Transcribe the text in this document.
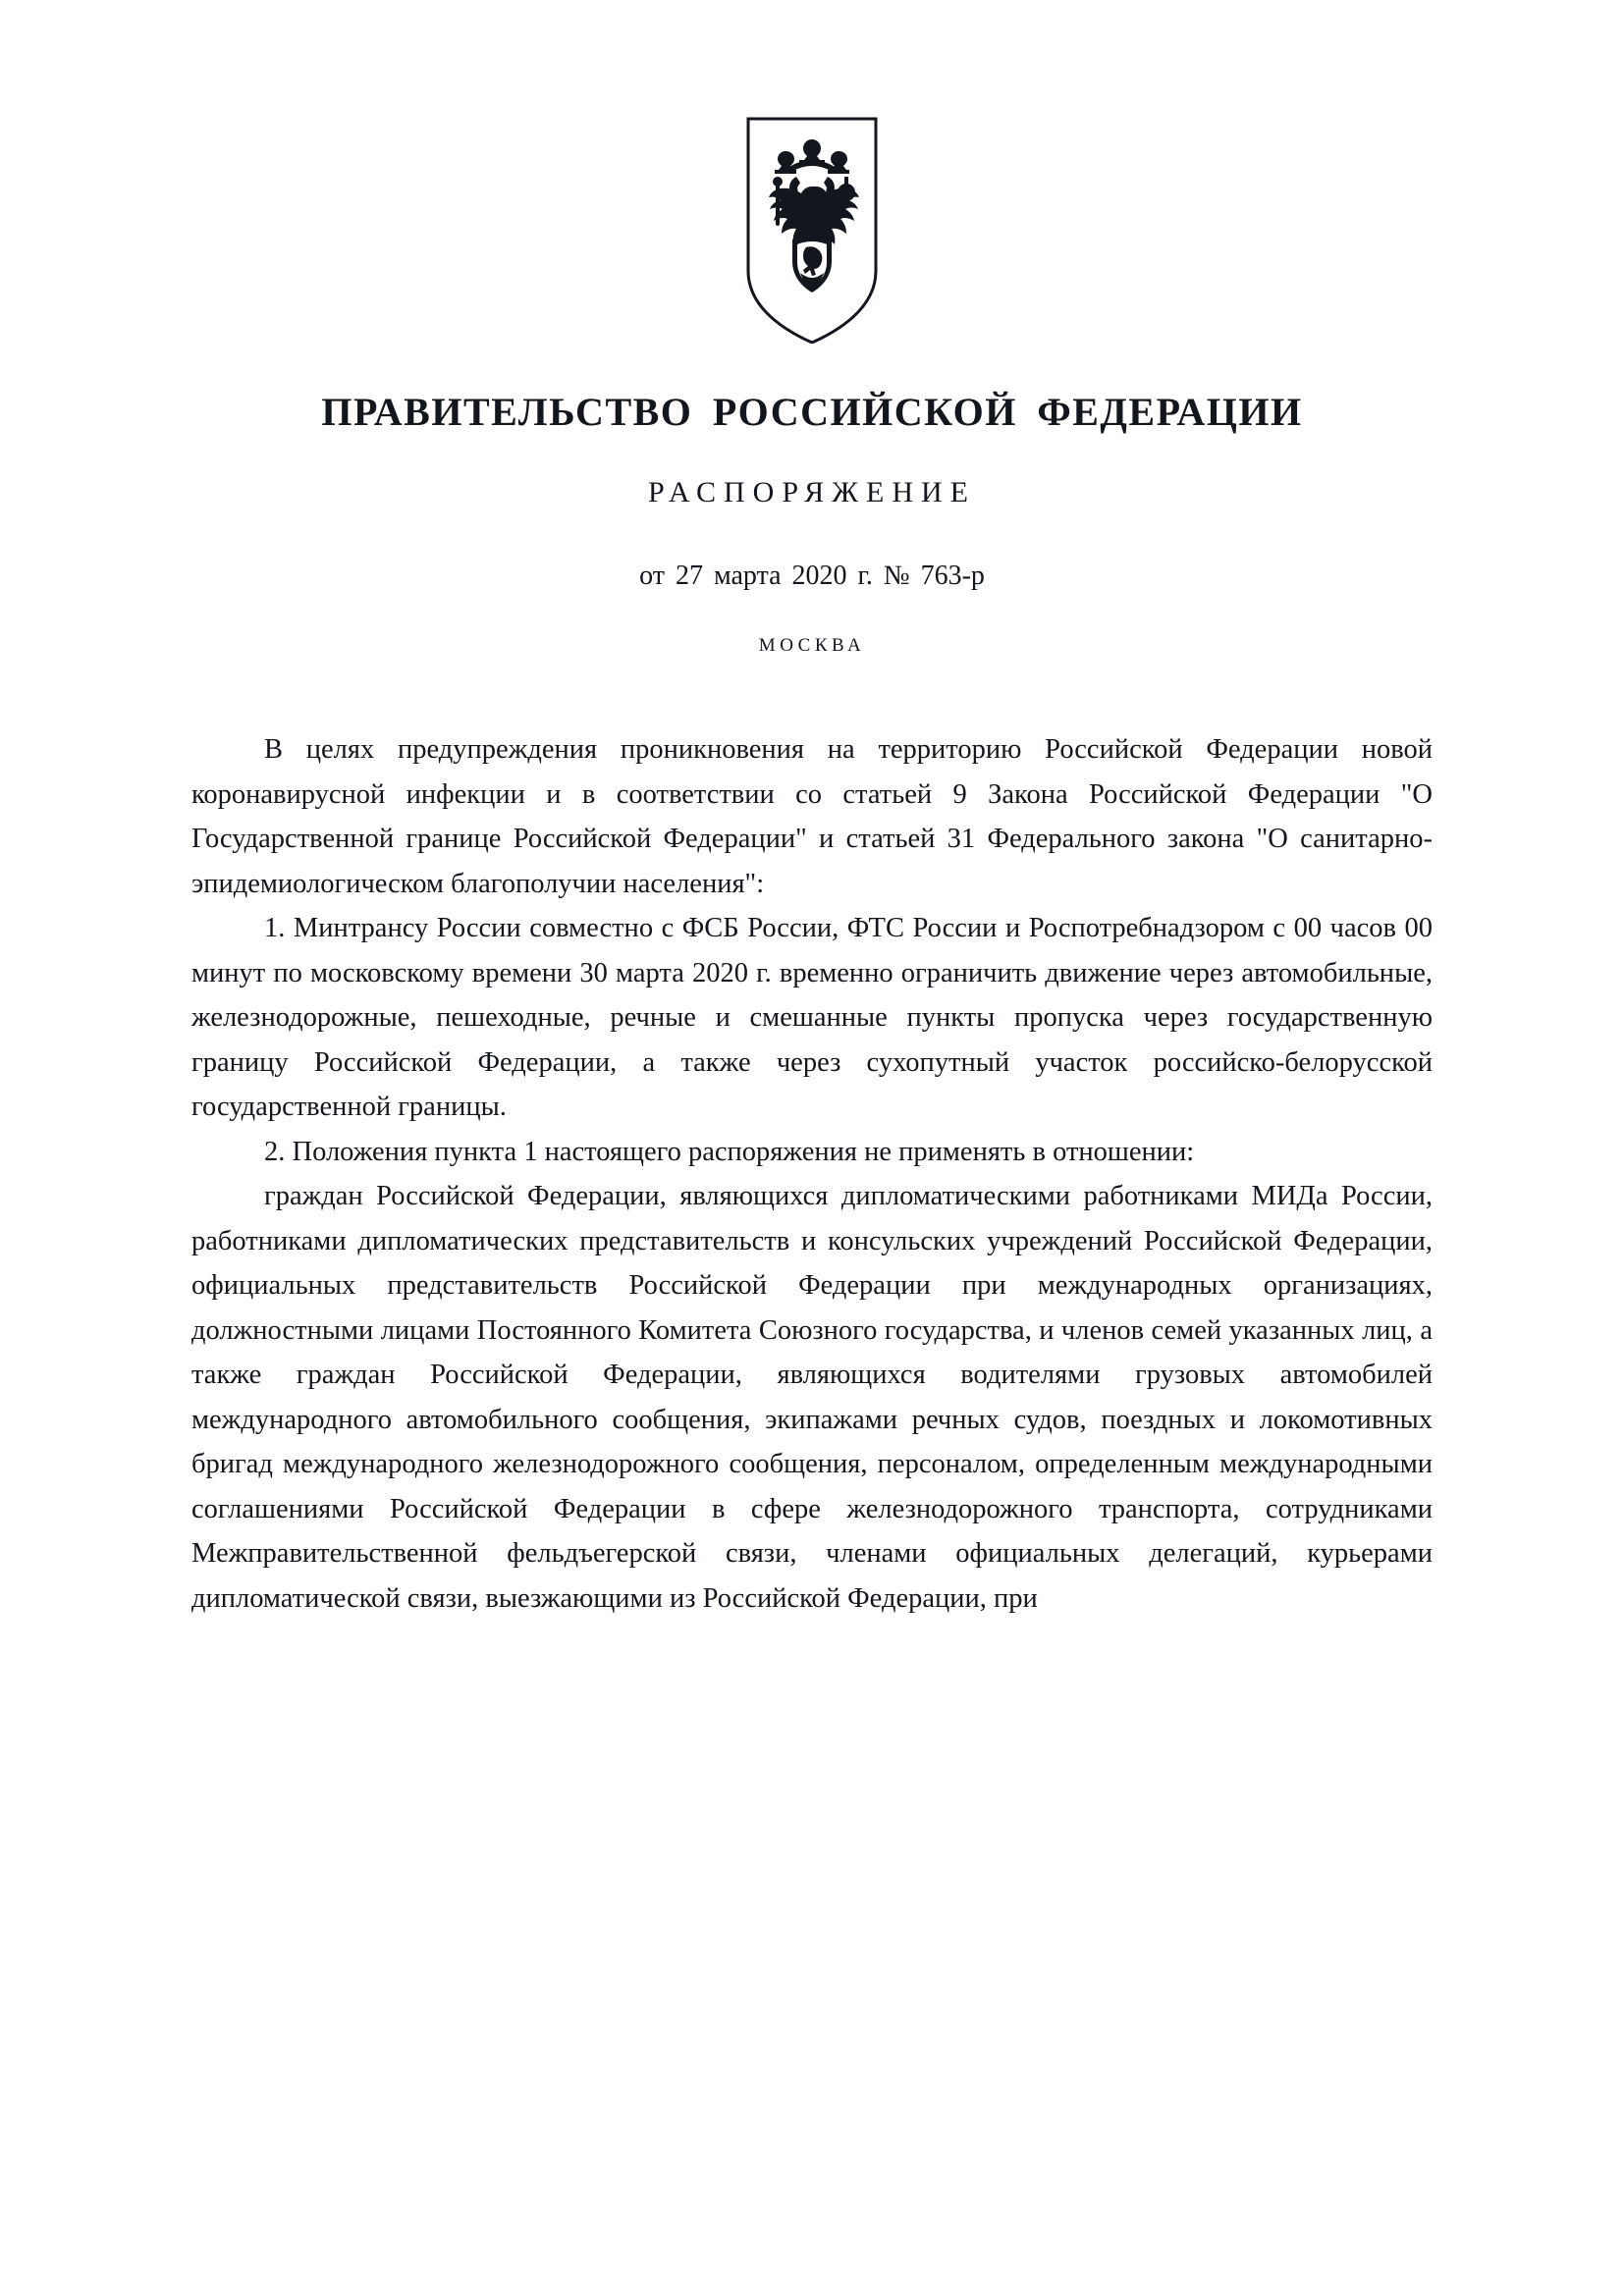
ПРАВИТЕЛЬСТВО РОССИЙСКОЙ ФЕДЕРАЦИИ
РАСПОРЯЖЕНИЕ
от 27 марта 2020 г. № 763-р
МОСКВА

В целях предупреждения проникновения на территорию Российской Федерации новой коронавирусной инфекции и в соответствии со статьей 9 Закона Российской Федерации "О Государственной границе Российской Федерации" и статьей 31 Федерального закона "О санитарно-эпидемиологическом благополучии населения":

1. Минтрансу России совместно с ФСБ России, ФТС России и Роспотребнадзором с 00 часов 00 минут по московскому времени 30 марта 2020 г. временно ограничить движение через автомобильные, железнодорожные, пешеходные, речные и смешанные пункты пропуска через государственную границу Российской Федерации, а также через сухопутный участок российско-белорусской государственной границы.

2. Положения пункта 1 настоящего распоряжения не применять в отношении:

граждан Российской Федерации, являющихся дипломатическими работниками МИДа России, работниками дипломатических представительств и консульских учреждений Российской Федерации, официальных представительств Российской Федерации при международных организациях, должностными лицами Постоянного Комитета Союзного государства, и членов семей указанных лиц, а также граждан Российской Федерации, являющихся водителями грузовых автомобилей международного автомобильного сообщения, экипажами речных судов, поездных и локомотивных бригад международного железнодорожного сообщения, персоналом, определенным международными соглашениями Российской Федерации в сфере железнодорожного транспорта, сотрудниками Межправительственной фельдъегерской связи, членами официальных делегаций, курьерами дипломатической связи, выезжающими из Российской Федерации, при
